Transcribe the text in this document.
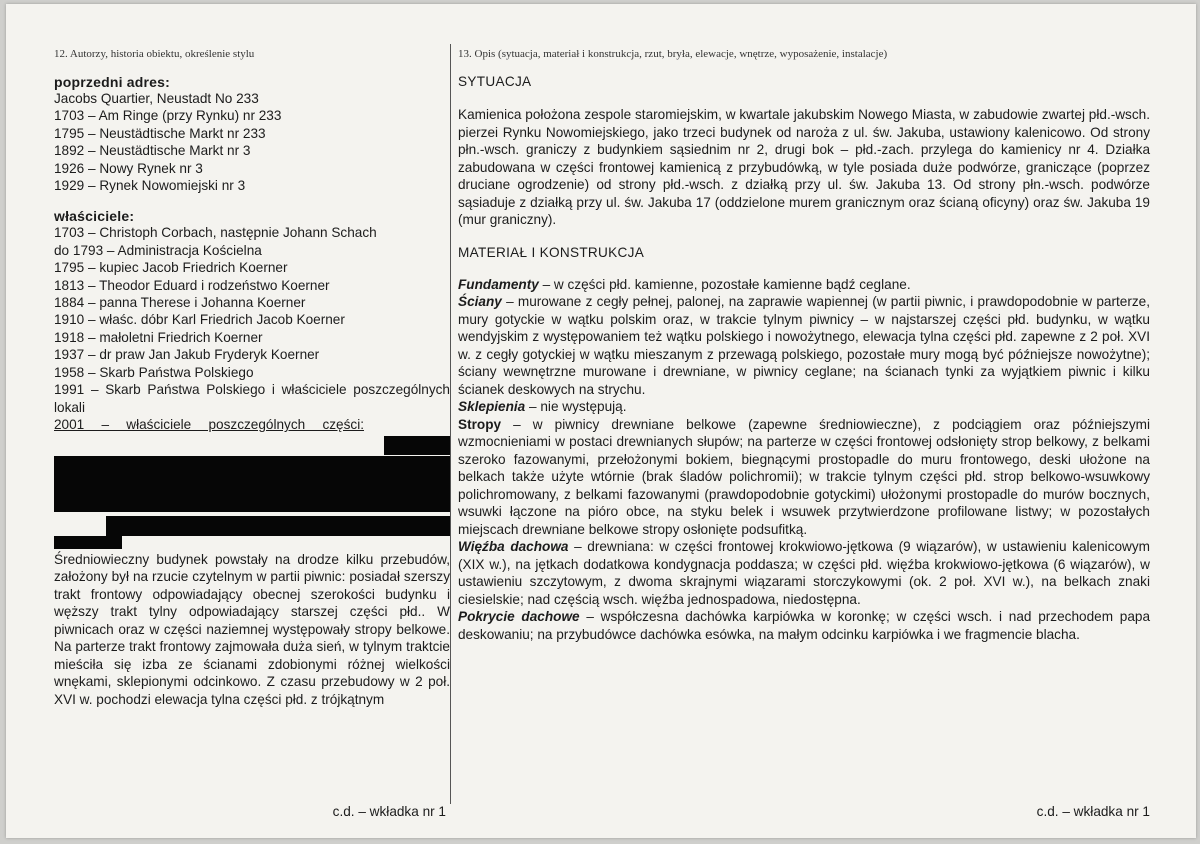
12. Autorzy, historia obiektu, określenie stylu
poprzedni adres:
Jacobs Quartier, Neustadt No 233
1703 – Am Ringe (przy Rynku) nr 233
1795 – Neustädtische Markt nr 233
1892 – Neustädtische Markt nr 3
1926 – Nowy Rynek nr 3
1929 – Rynek Nowomiejski nr 3
właściciele:
1703 – Christoph Corbach, następnie Johann Schach
do 1793 – Administracja Kościelna
1795 – kupiec Jacob Friedrich Koerner
1813 – Theodor Eduard i rodzeństwo Koerner
1884 – panna Therese i Johanna Koerner
1910 – właśc. dóbr Karl Friedrich Jacob Koerner
1918 – małoletni Friedrich Koerner
1937 – dr praw Jan Jakub Fryderyk Koerner
1958 – Skarb Państwa Polskiego
1991 – Skarb Państwa Polskiego i właściciele poszczególnych lokali
2001 – właściciele poszczególnych części:
Średniowieczny budynek powstały na drodze kilku przebudów, założony był na rzucie czytelnym w partii piwnic: posiadał szerszy trakt frontowy odpowiadający obecnej szerokości budynku i węższy trakt tylny odpowiadający starszej części płd.. W piwnicach oraz w części naziemnej występowały stropy belkowe. Na parterze trakt frontowy zajmowała duża sień, w tylnym traktcie mieściła się izba ze ścianami zdobionymi różnej wielkości wnękami, sklepionymi odcinkowo. Z czasu przebudowy w 2 poł. XVI w. pochodzi elewacja tylna części płd. z trójkątnym
c.d. – wkładka nr 1
13. Opis (sytuacja, materiał i konstrukcja, rzut, bryła, elewacje, wnętrze, wyposażenie, instalacje)
SYTUACJA
Kamienica położona zespole staromiejskim, w kwartale jakubskim Nowego Miasta, w zabudowie zwartej płd.-wsch. pierzei Rynku Nowomiejskiego, jako trzeci budynek od naroża z ul. św. Jakuba, ustawiony kalenicowo. Od strony płn.-wsch. graniczy z budynkiem sąsiednim nr 2, drugi bok – płd.-zach. przylega do kamienicy nr 4. Działka zabudowana w części frontowej kamienicą z przybudówką, w tyle posiada duże podwórze, graniczące (poprzez druciane ogrodzenie) od strony płd.-wsch. z działką przy ul. św. Jakuba 13. Od strony płn.-wsch. podwórze sąsiaduje z działką przy ul. św. Jakuba 17 (oddzielone murem granicznym oraz ścianą oficyny) oraz św. Jakuba 19 (mur graniczny).
MATERIAŁ I KONSTRUKCJA
Fundamenty – w części płd. kamienne, pozostałe kamienne bądź ceglane.
Ściany – murowane z cegły pełnej, palonej, na zaprawie wapiennej (w partii piwnic, i prawdopodobnie w parterze, mury gotyckie w wątku polskim oraz, w trakcie tylnym piwnicy – w najstarszej części płd. budynku, w wątku wendyjskim z występowaniem też wątku polskiego i nowożytnego, elewacja tylna części płd. zapewne z 2 poł. XVI w. z cegły gotyckiej w wątku mieszanym z przewagą polskiego, pozostałe mury mogą być późniejsze nowożytne); ściany wewnętrzne murowane i drewniane, w piwnicy ceglane; na ścianach tynki za wyjątkiem piwnic i kilku ścianek deskowych na strychu.
Sklepienia – nie występują.
Stropy – w piwnicy drewniane belkowe (zapewne średniowieczne), z podciągiem oraz późniejszymi wzmocnieniami w postaci drewnianych słupów; na parterze w części frontowej odsłonięty strop belkowy, z belkami szeroko fazowanymi, przełożonymi bokiem, biegnącymi prostopadle do muru frontowego, deski ułożone na belkach także użyte wtórnie (brak śladów polichromii); w trakcie tylnym części płd. strop belkowo-wsuwkowy polichromowany, z belkami fazowanymi (prawdopodobnie gotyckimi) ułożonymi prostopadle do murów bocznych, wsuwki łączone na pióro obce, na styku belek i wsuwek przytwierdzone profilowane listwy; w pozostałych miejscach drewniane belkowe stropy osłonięte podsufitką.
Więźba dachowa – drewniana: w części frontowej krokwiowo-jętkowa (9 wiązarów), w ustawieniu kalenicowym (XIX w.), na jętkach dodatkowa kondygnacja poddasza; w części płd. więźba krokwiowo-jętkowa (6 wiązarów), w ustawieniu szczytowym, z dwoma skrajnymi wiązarami storczykowymi (ok. 2 poł. XVI w.), na belkach znaki ciesielskie; nad częścią wsch. więźba jednospadowa, niedostępna.
Pokrycie dachowe – współczesna dachówka karpiówka w koronkę; w części wsch. i nad przechodem papa deskowaniu; na przybudówce dachówka esówka, na małym odcinku karpiówka i we fragmencie blacha.
c.d. – wkładka nr 1
